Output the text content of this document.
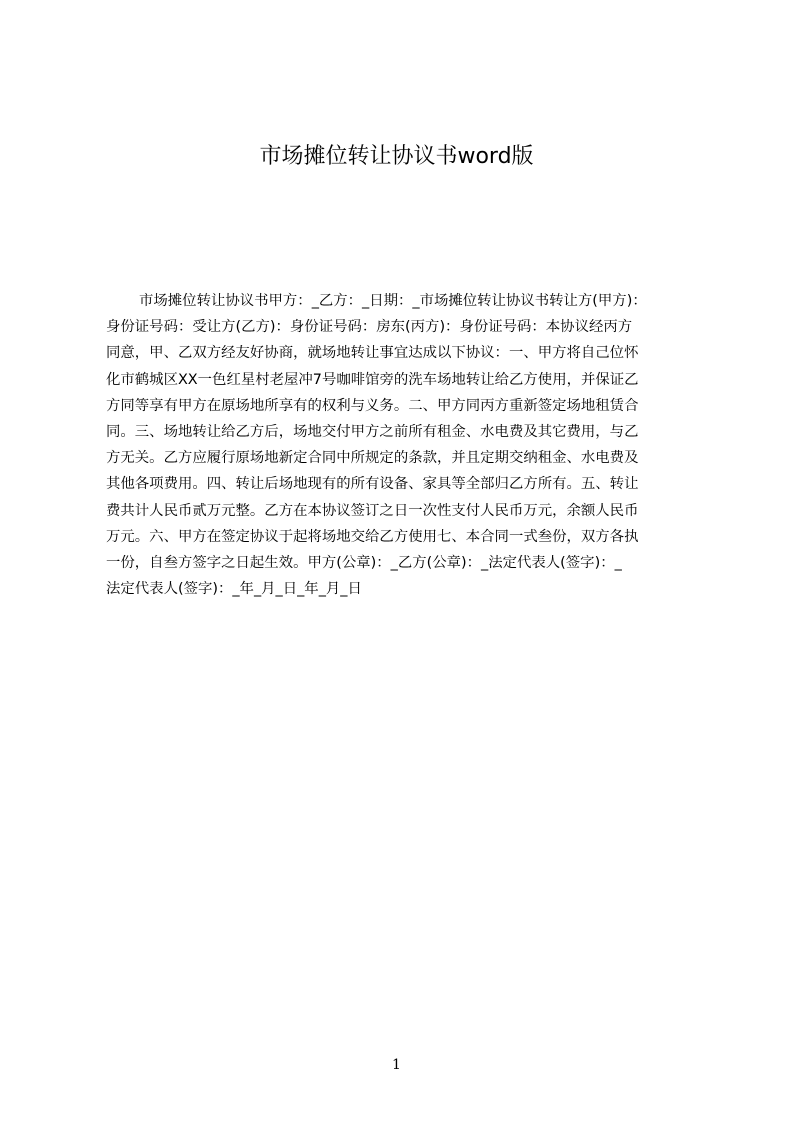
市场摊位转让协议书word版
市场摊位转让协议书甲方：_乙方：_日期：_市场摊位转让协议书转让方(甲方)：
身份证号码：受让方(乙方)：身份证号码：房东(丙方)：身份证号码：本协议经丙方
同意，甲、乙双方经友好协商，就场地转让事宜达成以下协议：一、甲方将自己位怀
化市鹤城区XX一色红星村老屋冲7号咖啡馆旁的洗车场地转让给乙方使用，并保证乙
方同等享有甲方在原场地所享有的权利与义务。二、甲方同丙方重新签定场地租赁合
同。三、场地转让给乙方后，场地交付甲方之前所有租金、水电费及其它费用，与乙
方无关。乙方应履行原场地新定合同中所规定的条款，并且定期交纳租金、水电费及
其他各项费用。四、转让后场地现有的所有设备、家具等全部归乙方所有。五、转让
费共计人民币贰万元整。乙方在本协议签订之日一次性支付人民币万元，余额人民币
万元。六、甲方在签定协议于起将场地交给乙方使用七、本合同一式叁份，双方各执
一份，自叁方签字之日起生效。甲方(公章)：_乙方(公章)：_法定代表人(签字)：_
法定代表人(签字)：_年_月_日_年_月_日
1
